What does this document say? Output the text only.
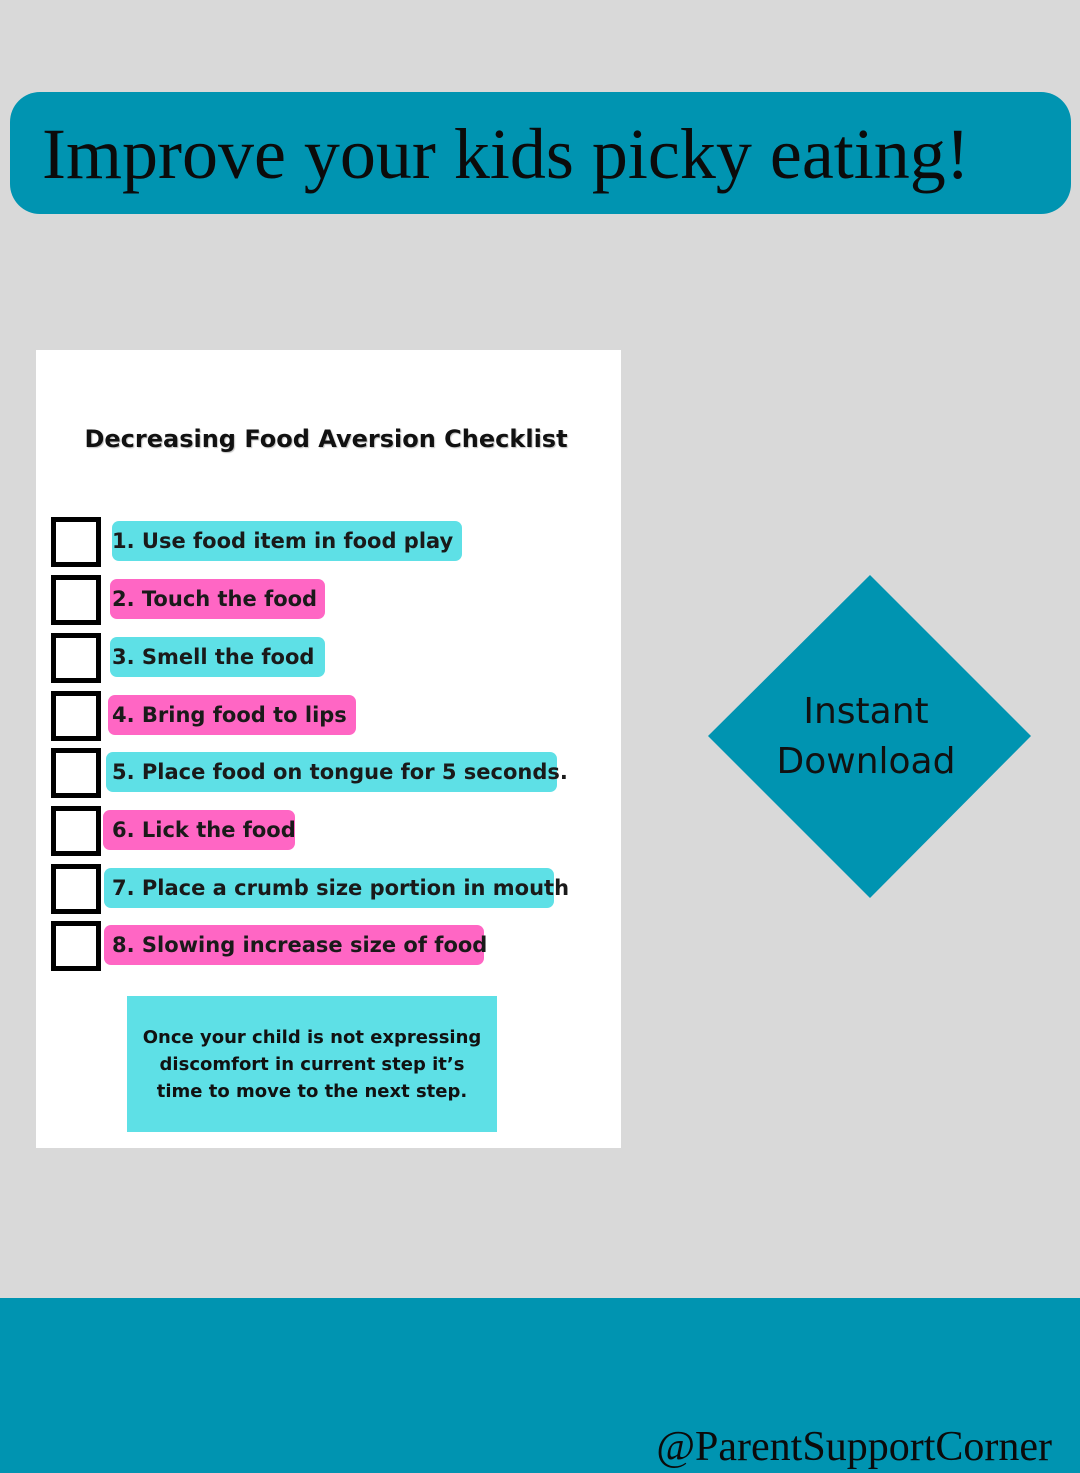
Improve your kids picky eating!
Decreasing Food Aversion Checklist
1. Use food item in food play
2. Touch the food
3. Smell the food
4. Bring food to lips
5. Place food on tongue for 5 seconds.
6. Lick the food
7. Place a crumb size portion in mouth
8. Slowing increase size of food
Once your child is not expressing discomfort in current step it’s time to move to the next step.
Instant
Download

@ParentSupportCorner
